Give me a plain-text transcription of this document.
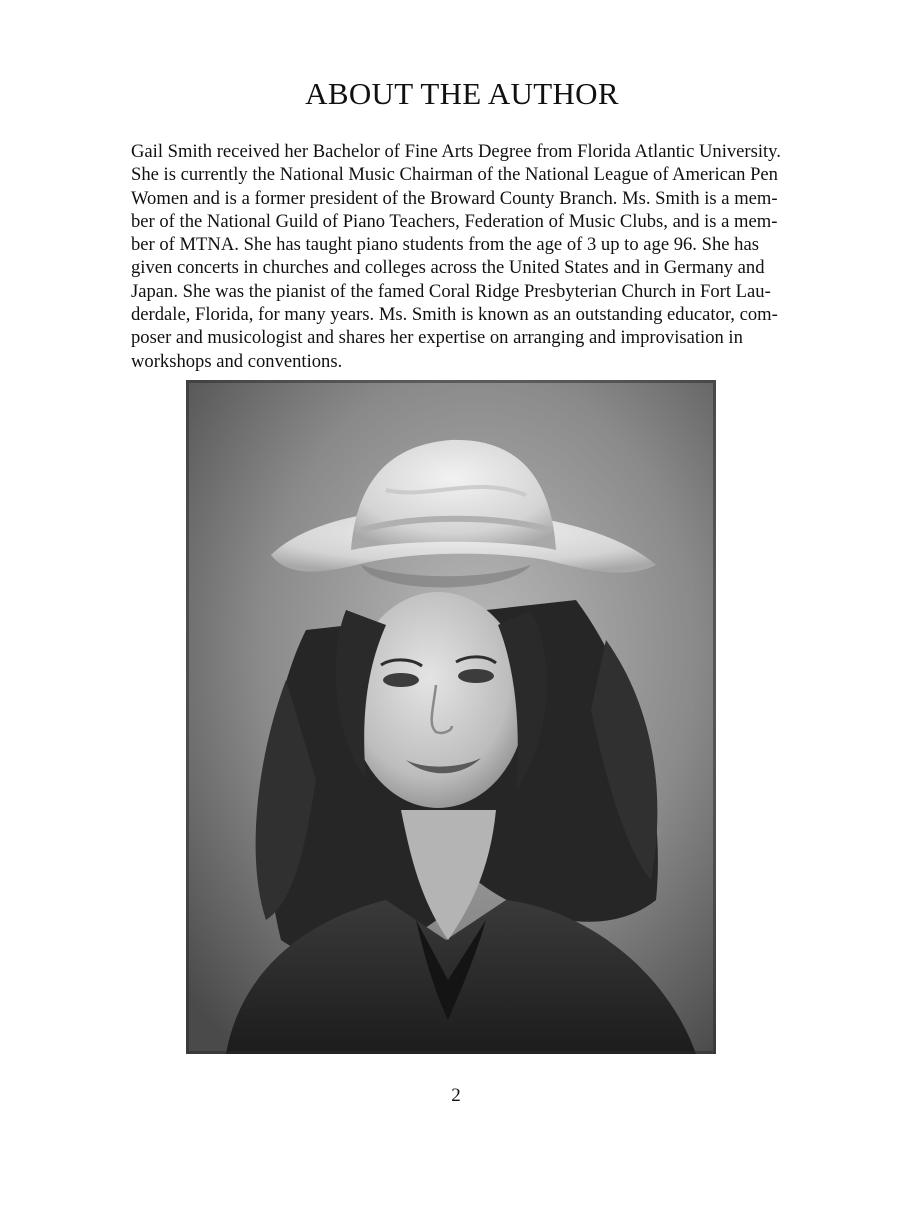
ABOUT THE AUTHOR

Gail Smith received her Bachelor of Fine Arts Degree from Florida Atlantic University.
She is currently the National Music Chairman of the National League of American Pen
Women and is a former president of the Broward County Branch. Ms. Smith is a mem-
ber of the National Guild of Piano Teachers, Federation of Music Clubs, and is a mem-
ber of MTNA. She has taught piano students from the age of 3 up to age 96. She has
given concerts in churches and colleges across the United States and in Germany and
Japan. She was the pianist of the famed Coral Ridge Presbyterian Church in Fort Lau-
derdale, Florida, for many years. Ms. Smith is known as an outstanding educator, com-
poser and musicologist and shares her expertise on arranging and improvisation in
workshops and conventions.

2
